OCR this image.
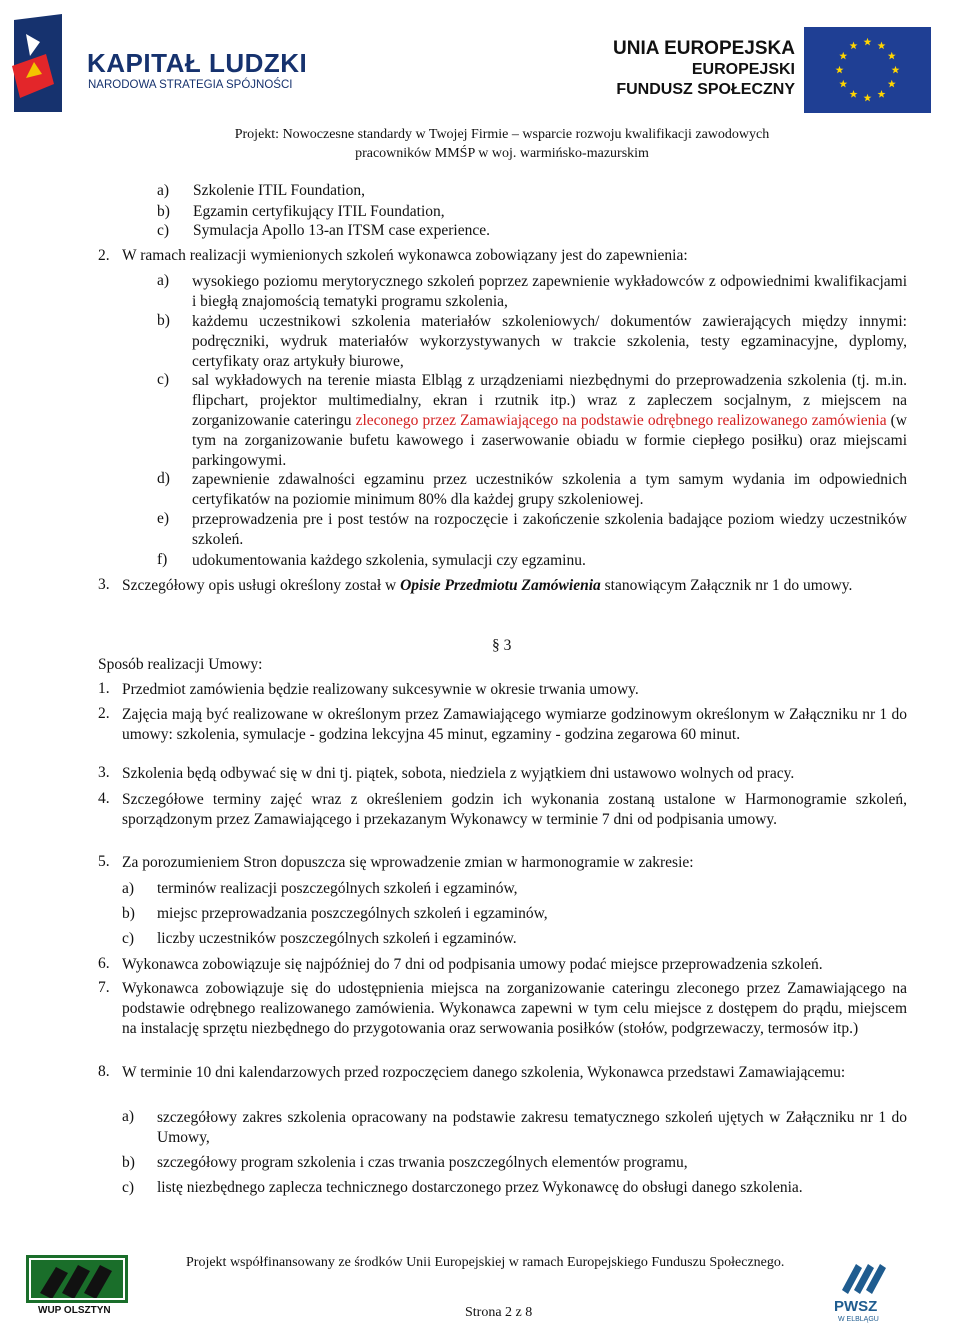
KAPITAŁ LUDZKI
NARODOWA STRATEGIA SPÓJNOŚCI
UNIA EUROPEJSKA
EUROPEJSKI
FUNDUSZ SPOŁECZNY
Projekt: Nowoczesne standardy w Twojej Firmie – wsparcie rozwoju kwalifikacji zawodowych
pracowników MMŚP w woj. warmińsko-mazurskim
a) Szkolenie ITIL Foundation,
b) Egzamin certyfikujący ITIL Foundation,
c) Symulacja Apollo 13-an ITSM case experience.
2. W ramach realizacji wymienionych szkoleń wykonawca zobowiązany jest do zapewnienia:
a) wysokiego poziomu merytorycznego szkoleń poprzez zapewnienie wykładowców z odpowiednimi kwalifikacjami i biegłą znajomością tematyki programu szkolenia,
b) każdemu uczestnikowi szkolenia materiałów szkoleniowych/ dokumentów zawierających między innymi: podręczniki, wydruk materiałów wykorzystywanych w trakcie szkolenia, testy egzaminacyjne, dyplomy, certyfikaty oraz artykuły biurowe,
c) sal wykładowych na terenie miasta Elbląg z urządzeniami niezbędnymi do przeprowadzenia szkolenia (tj. m.in. flipchart, projektor multimedialny, ekran i rzutnik itp.) wraz z zapleczem socjalnym, z miejscem na zorganizowanie cateringu zleconego przez Zamawiającego na podstawie odrębnego realizowanego zamówienia (w tym na zorganizowanie bufetu kawowego i zaserwowanie obiadu w formie ciepłego posiłku) oraz miejscami parkingowymi.
d) zapewnienie zdawalności egzaminu przez uczestników szkolenia a tym samym wydania im odpowiednich certyfikatów na poziomie minimum 80% dla każdej grupy szkoleniowej.
e) przeprowadzenia pre i post testów na rozpoczęcie i zakończenie szkolenia badające poziom wiedzy uczestników szkoleń.
f) udokumentowania każdego szkolenia, symulacji czy egzaminu.
3. Szczegółowy opis usługi określony został w Opisie Przedmiotu Zamówienia stanowiącym Załącznik nr 1 do umowy.
§ 3
Sposób realizacji Umowy:
1. Przedmiot zamówienia będzie realizowany sukcesywnie w okresie trwania umowy.
2. Zajęcia mają być realizowane w określonym przez Zamawiającego wymiarze godzinowym określonym w Załączniku nr 1 do umowy: szkolenia, symulacje - godzina lekcyjna 45 minut, egzaminy - godzina zegarowa 60 minut.
3. Szkolenia będą odbywać się w dni tj. piątek, sobota, niedziela z wyjątkiem dni ustawowo wolnych od pracy.
4. Szczegółowe terminy zajęć wraz z określeniem godzin ich wykonania zostaną ustalone w Harmonogramie szkoleń, sporządzonym przez Zamawiającego i przekazanym Wykonawcy w terminie 7 dni od podpisania umowy.
5. Za porozumieniem Stron dopuszcza się wprowadzenie zmian w harmonogramie w zakresie:
a) terminów realizacji poszczególnych szkoleń i egzaminów,
b) miejsc przeprowadzania poszczególnych szkoleń i egzaminów,
c) liczby uczestników poszczególnych szkoleń i egzaminów.
6. Wykonawca zobowiązuje się najpóźniej do 7 dni od podpisania umowy podać miejsce przeprowadzenia szkoleń.
7. Wykonawca zobowiązuje się do udostępnienia miejsca na zorganizowanie cateringu zleconego przez Zamawiającego na podstawie odrębnego realizowanego zamówienia. Wykonawca zapewni w tym celu miejsce z dostępem do prądu, miejscem na instalację sprzętu niezbędnego do przygotowania oraz serwowania posiłków (stołów, podgrzewaczy, termosów itp.)
8. W terminie 10 dni kalendarzowych przed rozpoczęciem danego szkolenia, Wykonawca przedstawi Zamawiającemu:
a) szczegółowy zakres szkolenia opracowany na podstawie zakresu tematycznego szkoleń ujętych w Załączniku nr 1 do Umowy,
b) szczegółowy program szkolenia i czas trwania poszczególnych elementów programu,
c) listę niezbędnego zaplecza technicznego dostarczonego przez Wykonawcę do obsługi danego szkolenia.
WUP OLSZTYN
Projekt współfinansowany ze środków Unii Europejskiej w ramach Europejskiego Funduszu Społecznego.
Strona 2 z 8	PWSZ
W ELBLĄGU
